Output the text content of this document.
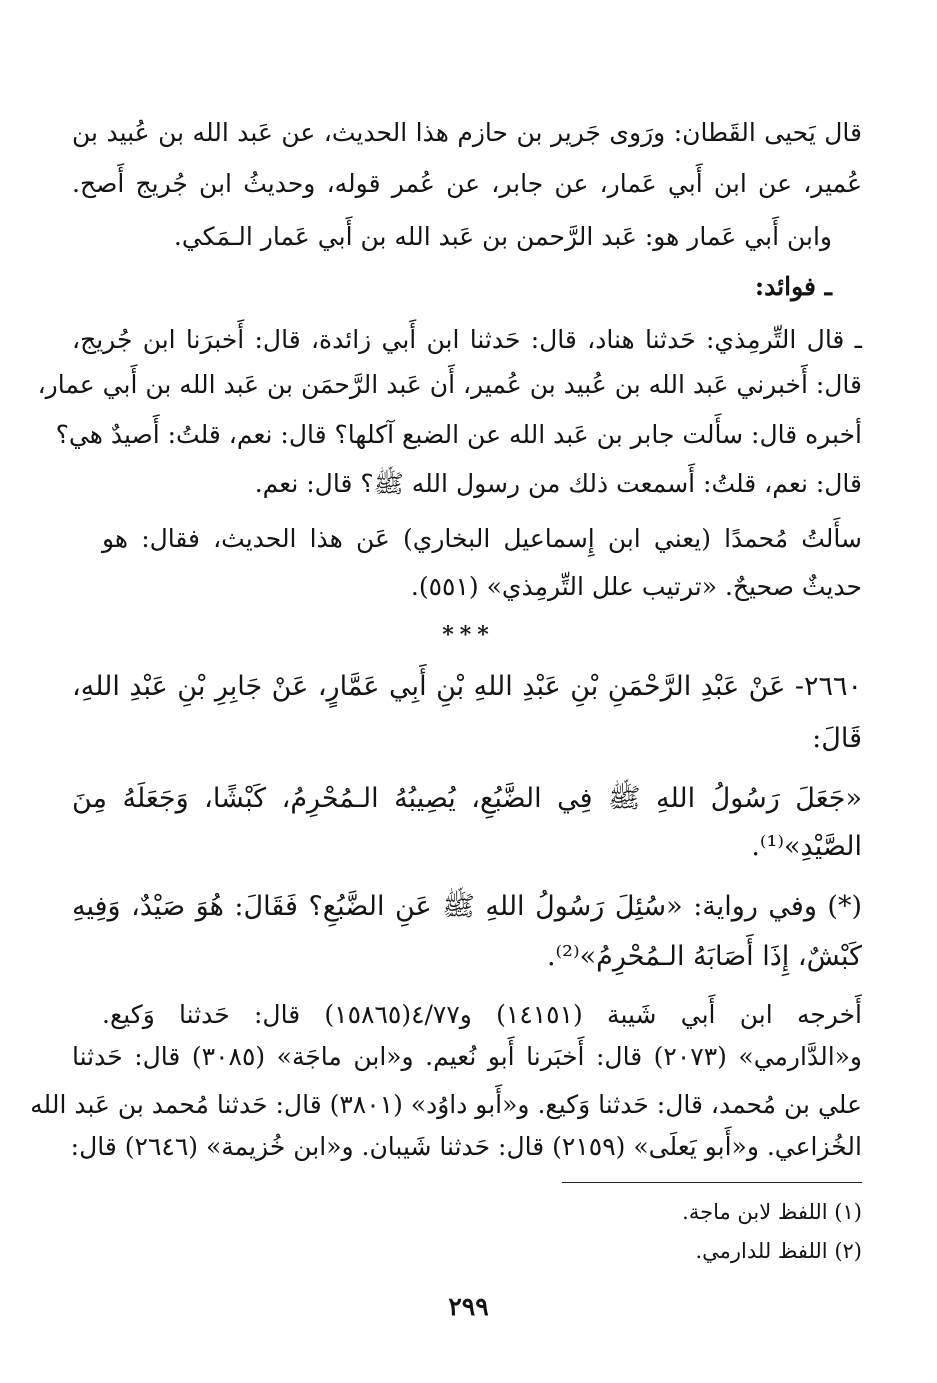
قال يَحيى القَطان: ورَوى جَرير بن حازم هذا الحديث، عن عَبد الله بن عُبيد بن
عُمير، عن ابن أَبي عَمار، عن جابر، عن عُمر قوله، وحديثُ ابن جُريج أَصح.
وابن أَبي عَمار هو: عَبد الرَّحمن بن عَبد الله بن أَبي عَمار الـمَكي.
ـ فوائد:
ـ قال التِّرمِذي: حَدثنا هناد، قال: حَدثنا ابن أَبي زائدة، قال: أَخبرَنا ابن جُريج،
قال: أَخبرني عَبد الله بن عُبيد بن عُمير، أَن عَبد الرَّحمَن بن عَبد الله بن أَبي عمار،
أخبره قال: سأَلت جابر بن عَبد الله عن الضبع آكلها؟ قال: نعم، قلتُ: أَصيدٌ هي؟
قال: نعم، قلتُ: أَسمعت ذلك من رسول الله ﷺ؟ قال: نعم.
سأَلتُ مُحمدًا (يعني ابن إِسماعيل البخاري) عَن هذا الحديث، فقال: هو
حديثٌ صحيحٌ. «ترتيب علل التِّرمِذي» (٥٥١).
***
٢٦٦٠- عَنْ عَبْدِ الرَّحْمَنِ بْنِ عَبْدِ اللهِ بْنِ أَبِي عَمَّارٍ، عَنْ جَابِرِ بْنِ عَبْدِ اللهِ،
قَالَ:
«جَعَلَ رَسُولُ اللهِ ﷺ فِي الضَّبُعِ، يُصِيبُهُ الـمُحْرِمُ، كَبْشًا، وَجَعَلَهُ مِنَ
الصَّيْدِ»⁽¹⁾.
(*) وفي رواية: «سُئِلَ رَسُولُ اللهِ ﷺ عَنِ الضَّبُعِ؟ فَقَالَ: هُوَ صَيْدٌ، وَفِيهِ
كَبْشٌ، إِذَا أَصَابَهُ الـمُحْرِمُ»⁽²⁾.
أَخرجه ابن أَبي شَيبة (١٤١٥١) و٤/٧٧(١٥٨٦٥) قال: حَدثنا وَكيع.
و«الدَّارمي» (٢٠٧٣) قال: أَخبَرنا أَبو نُعيم. و«ابن ماجَة» (٣٠٨٥) قال: حَدثنا
علي بن مُحمد، قال: حَدثنا وَكيع. و«أَبو داوُد» (٣٨٠١) قال: حَدثنا مُحمد بن عَبد الله
الخُزاعي. و«أَبو يَعلَى» (٢١٥٩) قال: حَدثنا شَيبان. و«ابن خُزيمة» (٢٦٤٦) قال:
(١) اللفظ لابن ماجة.
(٢) اللفظ للدارمي.
٢٩٩
